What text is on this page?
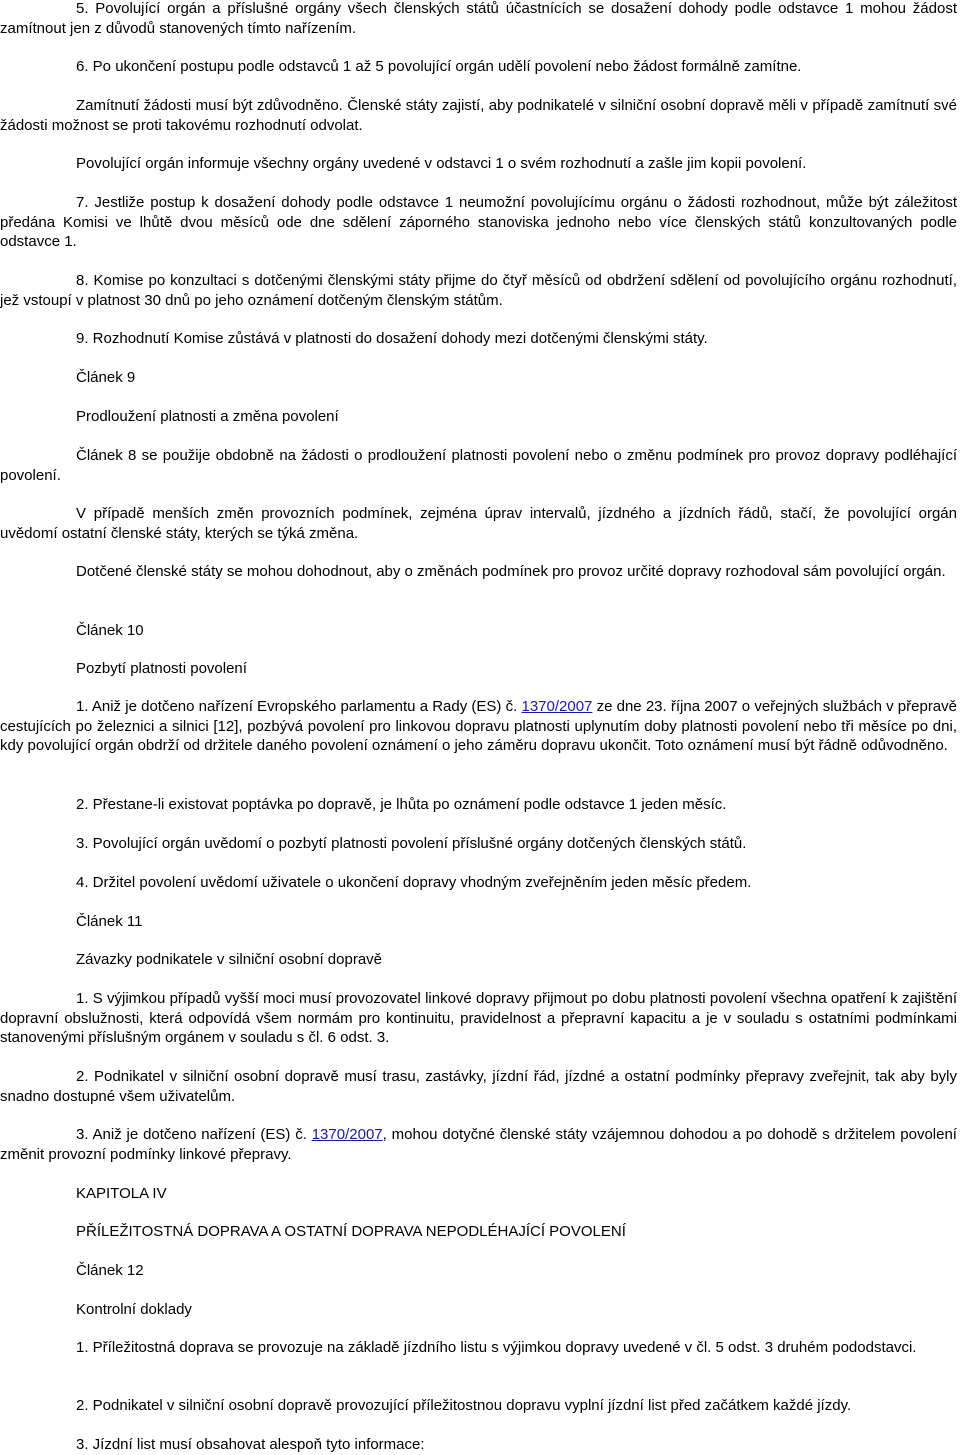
5. Povolující orgán a příslušné orgány všech členských států účastnících se dosažení dohody podle odstavce 1 mohou žádost zamítnout jen z důvodů stanovených tímto nařízením.

6. Po ukončení postupu podle odstavců 1 až 5 povolující orgán udělí povolení nebo žádost formálně zamítne.

Zamítnutí žádosti musí být zdůvodněno. Členské státy zajistí, aby podnikatelé v silniční osobní dopravě měli v případě zamítnutí své žádosti možnost se proti takovému rozhodnutí odvolat.

Povolující orgán informuje všechny orgány uvedené v odstavci 1 o svém rozhodnutí a zašle jim kopii povolení.

7. Jestliže postup k dosažení dohody podle odstavce 1 neumožní povolujícímu orgánu o žádosti rozhodnout, může být záležitost předána Komisi ve lhůtě dvou měsíců ode dne sdělení záporného stanoviska jednoho nebo více členských států konzultovaných podle odstavce 1.

8. Komise po konzultaci s dotčenými členskými státy přijme do čtyř měsíců od obdržení sdělení od povolujícího orgánu rozhodnutí, jež vstoupí v platnost 30 dnů po jeho oznámení dotčeným členským státům.

9. Rozhodnutí Komise zůstává v platnosti do dosažení dohody mezi dotčenými členskými státy.

Článek 9

Prodloužení platnosti a změna povolení

Článek 8 se použije obdobně na žádosti o prodloužení platnosti povolení nebo o změnu podmínek pro provoz dopravy podléhající povolení.

V případě menších změn provozních podmínek, zejména úprav intervalů, jízdného a jízdních řádů, stačí, že povolující orgán uvědomí ostatní členské státy, kterých se týká změna.

Dotčené členské státy se mohou dohodnout, aby o změnách podmínek pro provoz určité dopravy rozhodoval sám povolující orgán.

Článek 10

Pozbytí platnosti povolení

1. Aniž je dotčeno nařízení Evropského parlamentu a Rady (ES) č. 1370/2007 ze dne 23. října 2007 o veřejných službách v přepravě cestujících po železnici a silnici [12], pozbývá povolení pro linkovou dopravu platnosti uplynutím doby platnosti povolení nebo tři měsíce po dni, kdy povolující orgán obdrží od držitele daného povolení oznámení o jeho záměru dopravu ukončit. Toto oznámení musí být řádně odůvodněno.

2. Přestane-li existovat poptávka po dopravě, je lhůta po oznámení podle odstavce 1 jeden měsíc.

3. Povolující orgán uvědomí o pozbytí platnosti povolení příslušné orgány dotčených členských států.

4. Držitel povolení uvědomí uživatele o ukončení dopravy vhodným zveřejněním jeden měsíc předem.

Článek 11

Závazky podnikatele v silniční osobní dopravě

1. S výjimkou případů vyšší moci musí provozovatel linkové dopravy přijmout po dobu platnosti povolení všechna opatření k zajištění dopravní obslužnosti, která odpovídá všem normám pro kontinuitu, pravidelnost a přepravní kapacitu a je v souladu s ostatními podmínkami stanovenými příslušným orgánem v souladu s čl. 6 odst. 3.

2. Podnikatel v silniční osobní dopravě musí trasu, zastávky, jízdní řád, jízdné a ostatní podmínky přepravy zveřejnit, tak aby byly snadno dostupné všem uživatelům.

3. Aniž je dotčeno nařízení (ES) č. 1370/2007, mohou dotyčné členské státy vzájemnou dohodou a po dohodě s držitelem povolení změnit provozní podmínky linkové přepravy.

KAPITOLA IV

PŘÍLEŽITOSTNÁ DOPRAVA A OSTATNÍ DOPRAVA NEPODLÉHAJÍCÍ POVOLENÍ

Článek 12

Kontrolní doklady

1. Příležitostná doprava se provozuje na základě jízdního listu s výjimkou dopravy uvedené v čl. 5 odst. 3 druhém pododstavci.

2. Podnikatel v silniční osobní dopravě provozující příležitostnou dopravu vyplní jízdní list před začátkem každé jízdy.

3. Jízdní list musí obsahovat alespoň tyto informace:
